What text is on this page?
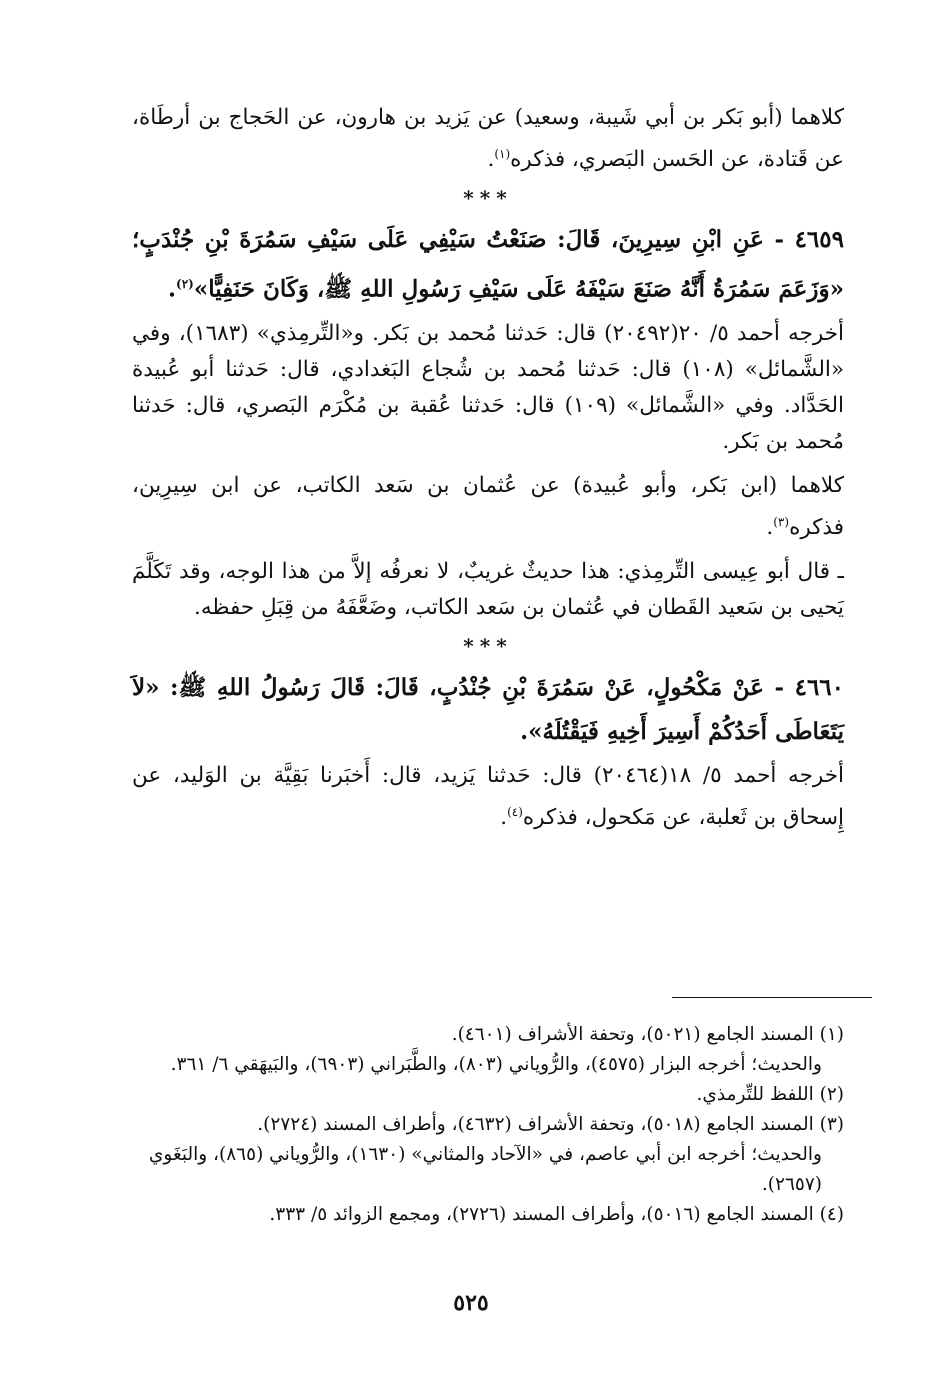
كلاهما (أبو بَكر بن أبي شَيبة، وسعيد) عن يَزيد بن هارون، عن الحَجاج بن أرطَاة، عن قَتادة، عن الحَسن البَصري، فذكره$^{(١)}$.

***

٤٦٥٩ - عَنِ ابْنِ سِيرِينَ، قَالَ: صَنَعْتُ سَيْفِي عَلَى سَيْفِ سَمُرَةَ بْنِ جُنْدَبٍ؛ «وَزَعَمَ سَمُرَةُ أَنَّهُ صَنَعَ سَيْفَهُ عَلَى سَيْفِ رَسُولِ اللهِ ﷺ، وَكَانَ حَنَفِيًّا»$^{(٢)}$.

أخرجه أحمد ٥/ ٢٠(٢٠٤٩٢) قال: حَدثنا مُحمد بن بَكر. و«التِّرمِذي» (١٦٨٣)، وفي «الشَّمائل» (١٠٨) قال: حَدثنا مُحمد بن شُجاع البَغدادي، قال: حَدثنا أبو عُبيدة الحَدَّاد. وفي «الشَّمائل» (١٠٩) قال: حَدثنا عُقبة بن مُكْرَم البَصري، قال: حَدثنا مُحمد بن بَكر.

كلاهما (ابن بَكر، وأبو عُبيدة) عن عُثمان بن سَعد الكاتب، عن ابن سِيرِين، فذكره$^{(٣)}$.

ـ قال أبو عِيسى التِّرمِذي: هذا حديثٌ غريبٌ، لا نعرفُه إلاَّ من هذا الوجه، وقد تَكَلَّمَ يَحيى بن سَعيد القَطان في عُثمان بن سَعد الكاتب، وضَعَّفَهُ من قِبَلِ حفظه.

***

٤٦٦٠ - عَنْ مَكْحُولٍ، عَنْ سَمُرَةَ بْنِ جُنْدُبٍ، قَالَ: قَالَ رَسُولُ اللهِ ﷺ: «لاَ يَتَعَاطَى أَحَدُكُمْ أَسِيرَ أَخِيهِ فَيَقْتُلَهُ».

أخرجه أحمد ٥/ ١٨(٢٠٤٦٤) قال: حَدثنا يَزيد، قال: أَخبَرنا بَقِيَّة بن الوَليد، عن إِسحاق بن ثَعلبة، عن مَكحول، فذكره$^{(٤)}$.

(١) المسند الجامع (٥٠٢١)، وتحفة الأشراف (٤٦٠١).

والحديث؛ أخرجه البزار (٤٥٧٥)، والرُّوياني (٨٠٣)، والطَّبَراني (٦٩٠٣)، والبَيهَقي ٦/ ٣٦١.

(٢) اللفظ للتِّرمذي.

(٣) المسند الجامع (٥٠١٨)، وتحفة الأشراف (٤٦٣٢)، وأطراف المسند (٢٧٢٤).

والحديث؛ أخرجه ابن أبي عاصم، في «الآحاد والمثاني» (١٦٣٠)، والرُّوياني (٨٦٥)، والبَغَوي (٢٦٥٧).

(٤) المسند الجامع (٥٠١٦)، وأطراف المسند (٢٧٢٦)، ومجمع الزوائد ٥/ ٣٣٣.

٥٢٥
